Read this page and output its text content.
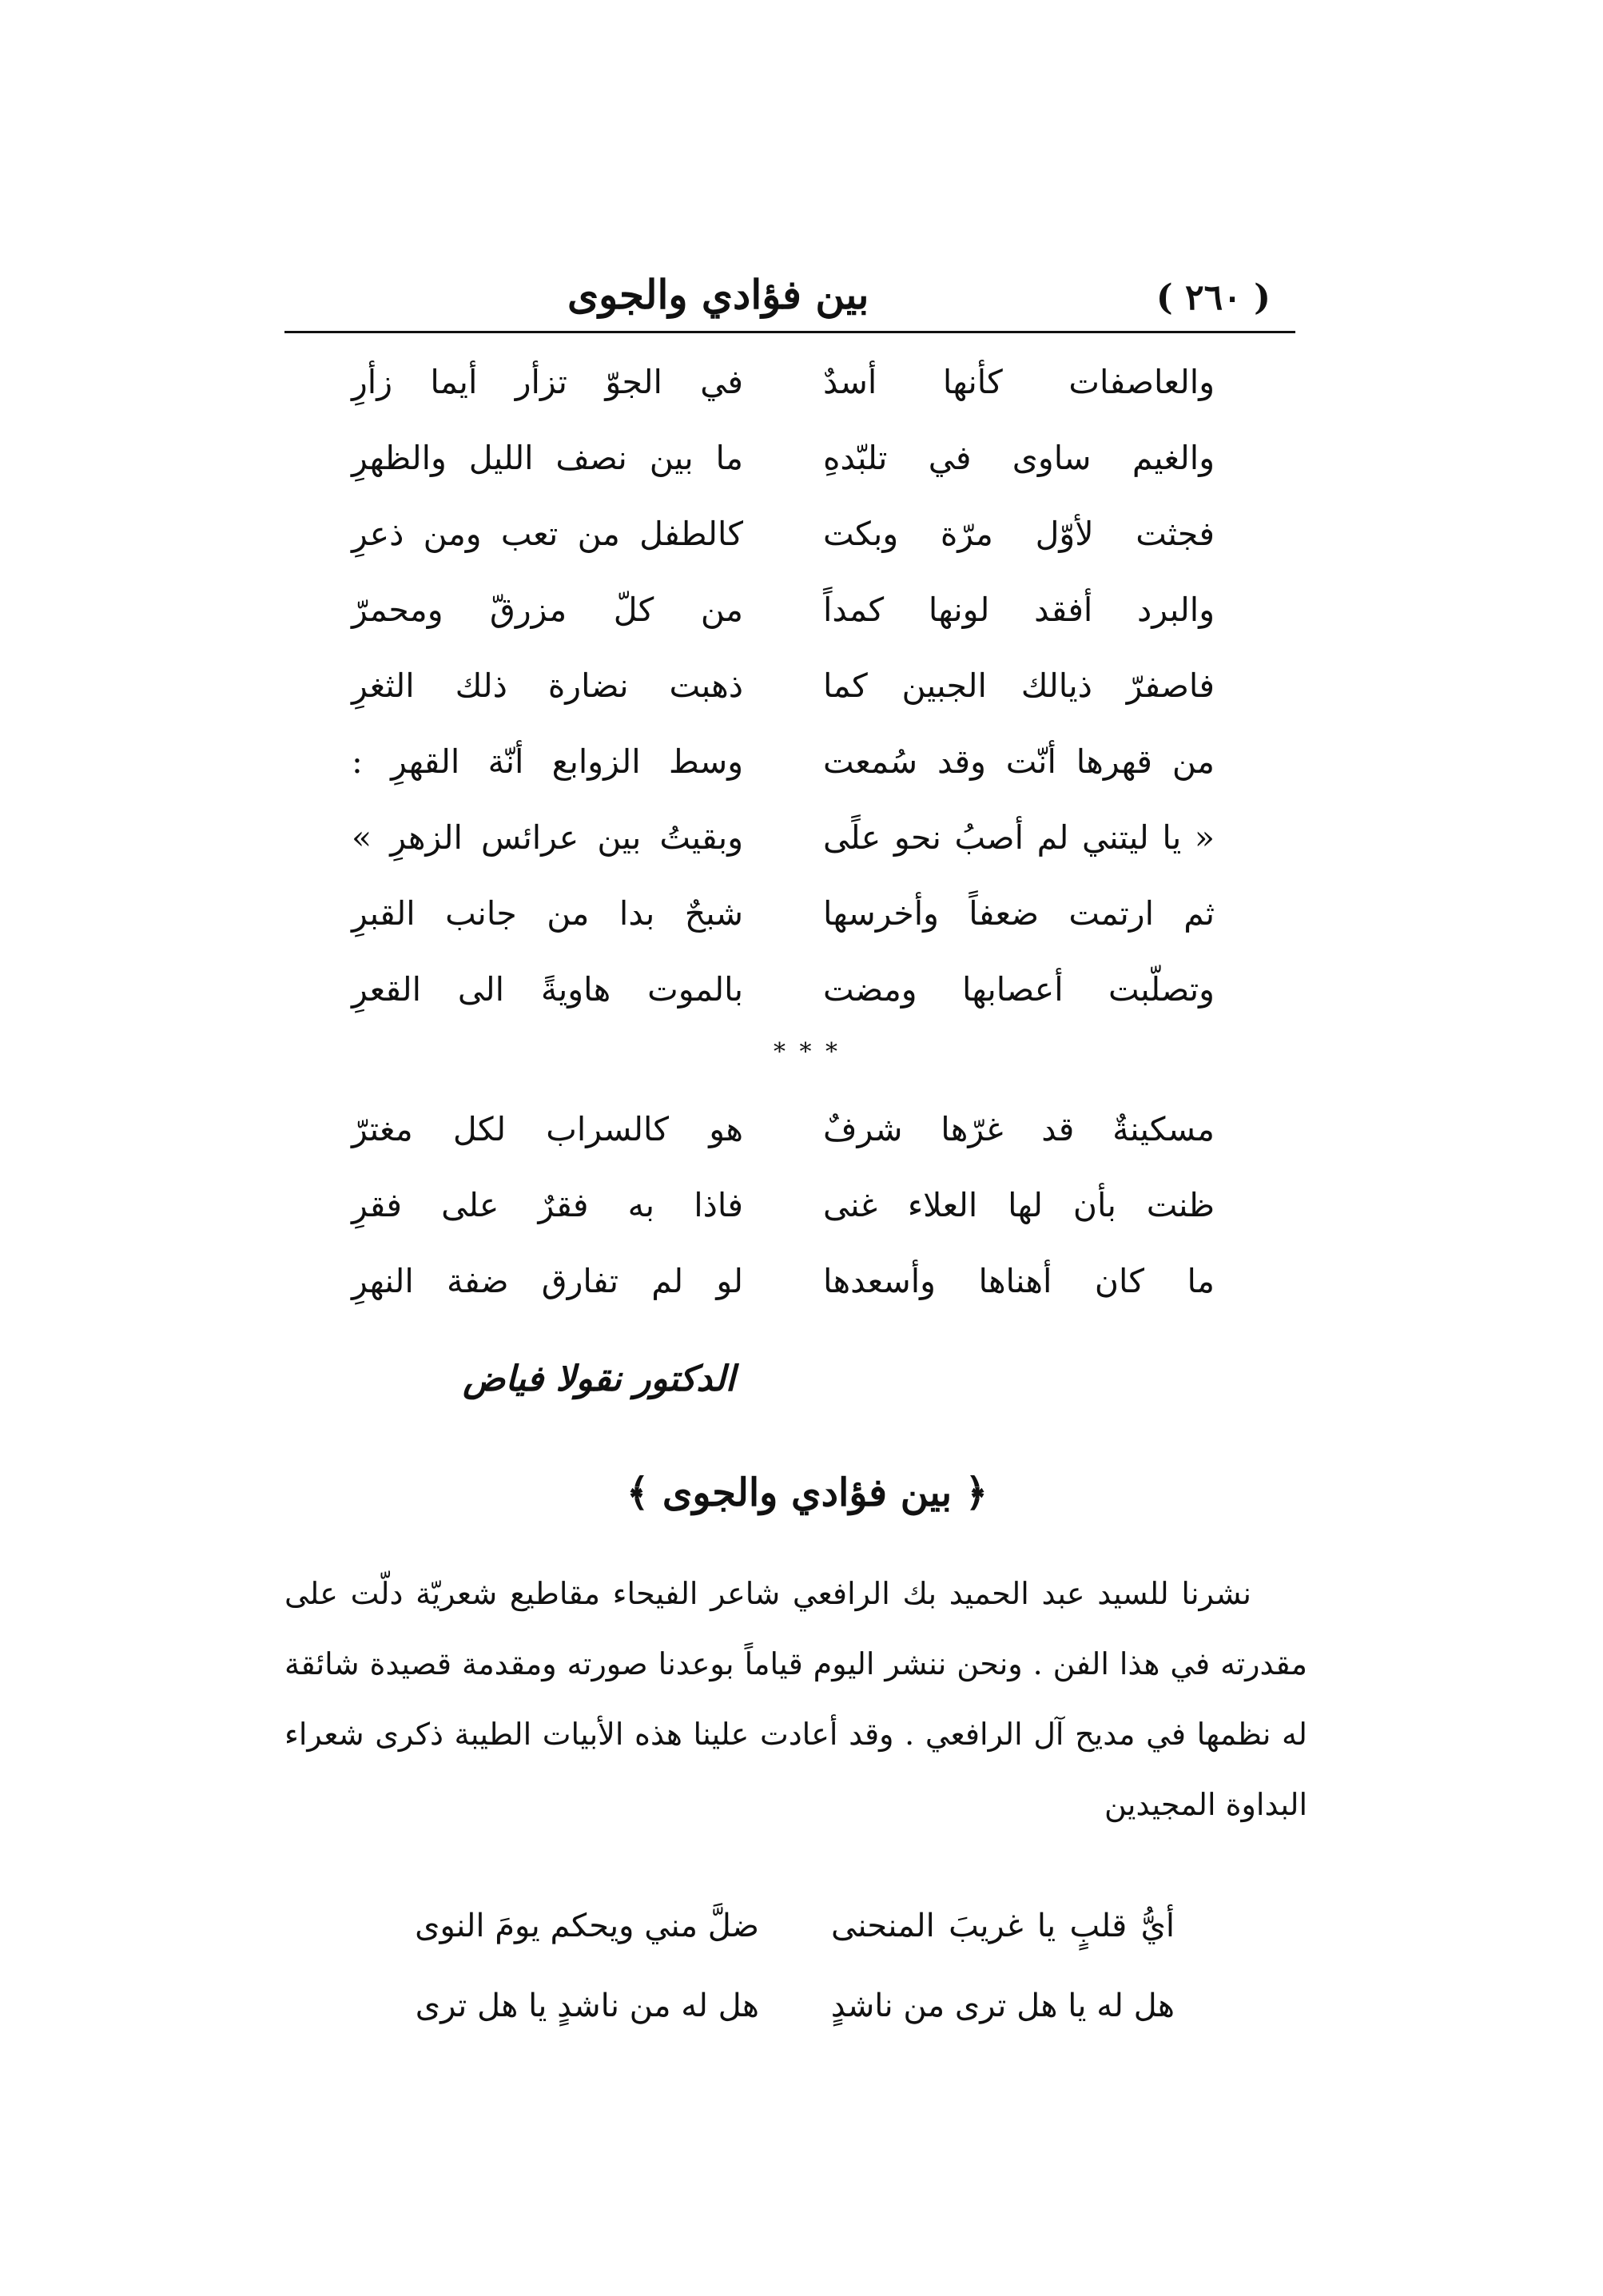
( ٢٦٠ )
بين فؤادي والجوى
والعاصفات كأنها أسدٌ
في الجوّ تزأر أيما زأرِ
والغيم ساوى في تلبّدهِ
ما بين نصف الليل والظهرِ
فجثت لأوّل مرّة وبكت
كالطفل من تعب ومن ذعرِ
والبرد أفقد لونها كمداً
من كلّ مزرقّ ومحمرّ
فاصفرّ ذيالك الجبين كما
ذهبت نضارة ذلك الثغرِ
من قهرها أنّت وقد سُمعت
وسط الزوابع أنّة القهرِ :
« يا ليتني لم أصبُ نحو علًى
وبقيتُ بين عرائس الزهرِ »
ثم ارتمت ضعفاً وأخرسها
شبحٌ بدا من جانب القبرِ
وتصلّبت أعصابها ومضت
بالموت هاويةً الى القعرِ
* * *
مسكينةٌ قد غرّها شرفٌ
هو كالسراب لكل مغترّ
ظنت بأن لها العلاء غنى
فاذا به فقرٌ على فقرِ
ما كان أهناها وأسعدها
لو لم تفارق ضفة النهرِ
الدكتور نقولا فياض
﴿ بين فؤادي والجوى ﴾

نشرنا للسيد عبد الحميد بك الرافعي شاعر الفيحاء مقاطيع شعريّة دلّت على مقدرته في هذا الفن . ونحن ننشر اليوم قياماً بوعدنا صورته ومقدمة قصيدة شائقة له نظمها في مديح آل الرافعي . وقد أعادت علينا هذه الأبيات الطيبة ذكرى شعراء البداوة المجيدين

أيُّ قلبٍ يا غريبَ المنحنى
ضلَّ مني ويحكم يومَ النوى
هل له يا هل ترى من ناشدٍ
هل له من ناشدٍ يا هل ترى
